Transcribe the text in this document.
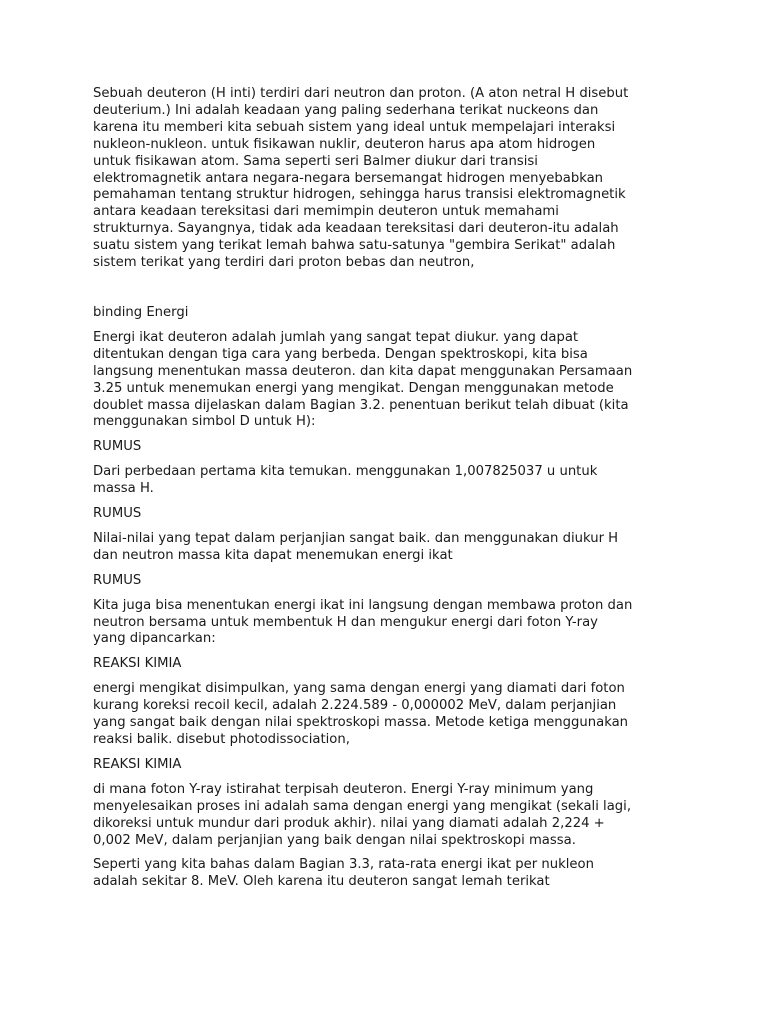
Sebuah deuteron (H inti) terdiri dari neutron dan proton. (A aton netral H disebut
deuterium.) Ini adalah keadaan yang paling sederhana terikat nuckeons dan
karena itu memberi kita sebuah sistem yang ideal untuk mempelajari interaksi
nukleon-nukleon. untuk fisikawan nuklir, deuteron harus apa atom hidrogen
untuk fisikawan atom. Sama seperti seri Balmer diukur dari transisi
elektromagnetik antara negara-negara bersemangat hidrogen menyebabkan
pemahaman tentang struktur hidrogen, sehingga harus transisi elektromagnetik
antara keadaan tereksitasi dari memimpin deuteron untuk memahami
strukturnya. Sayangnya, tidak ada keadaan tereksitasi dari deuteron-itu adalah
suatu sistem yang terikat lemah bahwa satu-satunya "gembira Serikat" adalah
sistem terikat yang terdiri dari proton bebas dan neutron,

binding Energi

Energi ikat deuteron adalah jumlah yang sangat tepat diukur. yang dapat
ditentukan dengan tiga cara yang berbeda. Dengan spektroskopi, kita bisa
langsung menentukan massa deuteron. dan kita dapat menggunakan Persamaan
3.25 untuk menemukan energi yang mengikat. Dengan menggunakan metode
doublet massa dijelaskan dalam Bagian 3.2. penentuan berikut telah dibuat (kita
menggunakan simbol D untuk H):

RUMUS

Dari perbedaan pertama kita temukan. menggunakan 1,007825037 u untuk
massa H.

RUMUS

Nilai-nilai yang tepat dalam perjanjian sangat baik. dan menggunakan diukur H
dan neutron massa kita dapat menemukan energi ikat

RUMUS

Kita juga bisa menentukan energi ikat ini langsung dengan membawa proton dan
neutron bersama untuk membentuk H dan mengukur energi dari foton Y-ray
yang dipancarkan:

REAKSI KIMIA

energi mengikat disimpulkan, yang sama dengan energi yang diamati dari foton
kurang koreksi recoil kecil, adalah 2.224.589 - 0,000002 MeV, dalam perjanjian
yang sangat baik dengan nilai spektroskopi massa. Metode ketiga menggunakan
reaksi balik. disebut photodissociation,

REAKSI KIMIA

di mana foton Y-ray istirahat terpisah deuteron. Energi Y-ray minimum yang
menyelesaikan proses ini adalah sama dengan energi yang mengikat (sekali lagi,
dikoreksi untuk mundur dari produk akhir). nilai yang diamati adalah 2,224 +
0,002 MeV, dalam perjanjian yang baik dengan nilai spektroskopi massa.

Seperti yang kita bahas dalam Bagian 3.3, rata-rata energi ikat per nukleon
adalah sekitar 8. MeV. Oleh karena itu deuteron sangat lemah terikat
